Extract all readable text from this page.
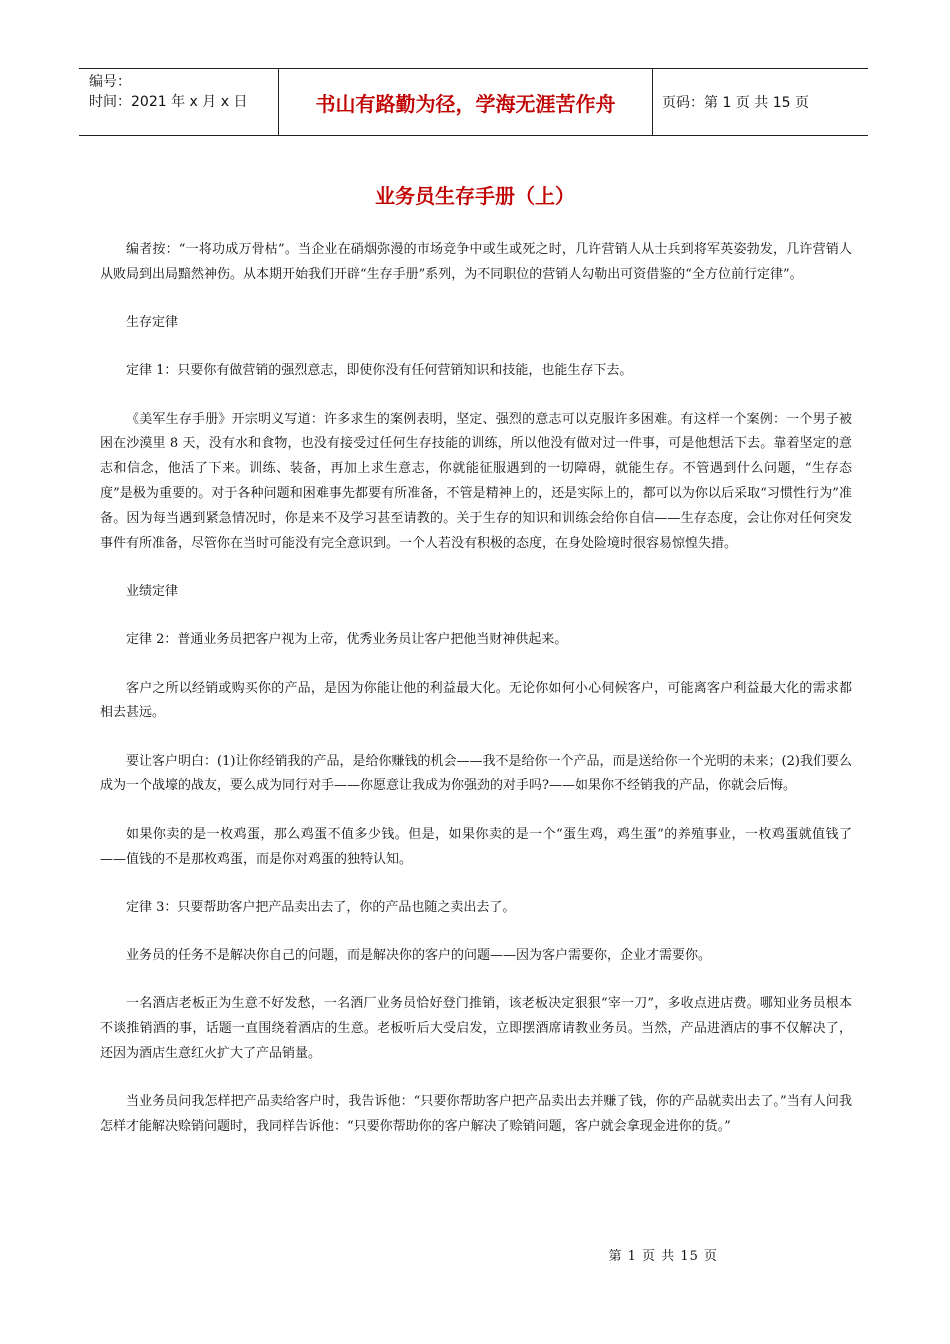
编号：
时间：2021 年 x 月 x 日	书山有路勤为径，学海无涯苦作舟	页码：第 1 页 共 15 页
业务员生存手册（上）

编者按：“一将功成万骨枯”。当企业在硝烟弥漫的市场竞争中或生或死之时，几许营销人从士兵到将军英姿勃发，几许营销人从败局到出局黯然神伤。从本期开始我们开辟“生存手册”系列，为不同职位的营销人勾勒出可资借鉴的“全方位前行定律”。

生存定律

定律 1：只要你有做营销的强烈意志，即使你没有任何营销知识和技能，也能生存下去。

《美军生存手册》开宗明义写道：许多求生的案例表明，坚定、强烈的意志可以克服许多困难。有这样一个案例：一个男子被困在沙漠里 8 天，没有水和食物，也没有接受过任何生存技能的训练，所以他没有做对过一件事，可是他想活下去。靠着坚定的意志和信念，他活了下来。训练、装备，再加上求生意志，你就能征服遇到的一切障碍，就能生存。不管遇到什么问题，“生存态度”是极为重要的。对于各种问题和困难事先都要有所准备，不管是精神上的，还是实际上的，都可以为你以后采取“习惯性行为”准备。因为每当遇到紧急情况时，你是来不及学习甚至请教的。关于生存的知识和训练会给你自信——生存态度，会让你对任何突发事件有所准备，尽管你在当时可能没有完全意识到。一个人若没有积极的态度，在身处险境时很容易惊惶失措。

业绩定律

定律 2：普通业务员把客户视为上帝，优秀业务员让客户把他当财神供起来。

客户之所以经销或购买你的产品，是因为你能让他的利益最大化。无论你如何小心伺候客户，可能离客户利益最大化的需求都相去甚远。

要让客户明白：(1)让你经销我的产品，是给你赚钱的机会——我不是给你一个产品，而是送给你一个光明的未来；(2)我们要么成为一个战壕的战友，要么成为同行对手——你愿意让我成为你强劲的对手吗?——如果你不经销我的产品，你就会后悔。

如果你卖的是一枚鸡蛋，那么鸡蛋不值多少钱。但是，如果你卖的是一个“蛋生鸡，鸡生蛋”的养殖事业，一枚鸡蛋就值钱了——值钱的不是那枚鸡蛋，而是你对鸡蛋的独特认知。

定律 3：只要帮助客户把产品卖出去了，你的产品也随之卖出去了。

业务员的任务不是解决你自己的问题，而是解决你的客户的问题——因为客户需要你，企业才需要你。

一名酒店老板正为生意不好发愁，一名酒厂业务员恰好登门推销，该老板决定狠狠“宰一刀”，多收点进店费。哪知业务员根本不谈推销酒的事，话题一直围绕着酒店的生意。老板听后大受启发，立即摆酒席请教业务员。当然，产品进酒店的事不仅解决了，还因为酒店生意红火扩大了产品销量。

当业务员问我怎样把产品卖给客户时，我告诉他：“只要你帮助客户把产品卖出去并赚了钱，你的产品就卖出去了。”当有人问我怎样才能解决赊销问题时，我同样告诉他：“只要你帮助你的客户解决了赊销问题，客户就会拿现金进你的货。”

第 1 页 共 15 页
